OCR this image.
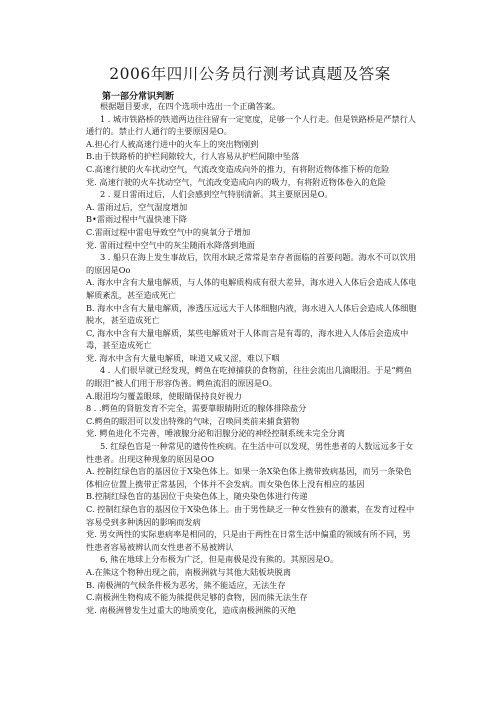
2006年四川公务员行测考试真题及答案
第一部分常识判断

根据题目要求，在四个选项中选出一个正确答案。

1 . 城市铁路桥的铁道两边往往留有一定宽度，足够一个人行走。但是铁路桥是严禁行人通行的。禁止行人通行的主要原因是O。

A.担心行人被高速行进中的火车上的突出物刚到

B.由于铁路桥的护栏间隙较大，行人容易从护栏间隙中坠落

C.高速行驶的火车扰动空气，气流改变造成向外的推力，有将附近物体推下桥的危险

党. 高速行驶的火车扰动空气，气流改变造成向内的吸力，有将附近物体卷入的危险

2 . 夏日雷雨过后，人们会感到空气特别清新。其主要原因是O。

A. 雷雨过后，空气湿度增加

B•雷雨过程中气温快速下降

C.雷雨过程中雷电导致空气中的臭氧分子增加

党. 雷雨过程中空气中的灰尘随雨水降落到地面

3 . 船只在海上发生事故后，饮用水缺乏常常是幸存者面临的首要问题。海水不可以饮用的原因是Oo

A. 海水中含有大量电解质，与人体的电解质构成有很大差异，海水进入人体后会造成人体电解质紊乱，甚至造成死亡

B. 海水中含有大量电解质，渗透压远远大于人体细胞内液，海水进入人体后会造成人体细胞脱水，甚至造成死亡

C, 海水中含有大量电解质，某些电解质对于人体而言是有毒的，海水进入人体后会造成中毒，甚至造成死亡

党. 海水中含有大量电解质，味道又咸又涩，难以下咽

4 . 人们很早就已经发现，鳄鱼在吃掉捕获的食物前，往往会流出几滴眼泪。于是“鳄鱼的眼泪”被人们用于形容伪善。鳄鱼流泪的原因是O。

A.眼泪均匀覆盖眼球，使眼睛保持良好视力

8 . .鳄鱼的肾脏发育不完全，需要靠眼睛附近的腺体排除盐分

C.鳄鱼的眼泪可以发出特殊的气味，召唤同类前来捕食猎物

党. 鳄鱼进化不完善，唾液腺分泌和泪腺分泌的神经控制系统未完全分离

5. 红绿色盲是一种常见的遗传性疾病。在生活中可以发现，男性患者的人数远远多于女性患者。出现这种现象的原因是OO

A. 控制红绿色盲的基因位于X染色体上。如果一条X染色体上携带致病基因，而另一条染色体相应位置上携带正常基因，个体并不会发病。而女染色体上没有相应的基因

B.控制红绿色盲的基因位于央染色体上，随央染色体进行传递

C. 控制红绿色盲的基因位于X染色体上。由于男性缺乏一种女性独有的激素，在发育过程中容易受到多种诱因的影响而发病

党. 男女两性的实际患病率是相同的，只是由于两性在日常生活中偏重的领域有所不同，男性患者容易被辨认而女性患者不易被辨认

6, 熊在地球上分布极为广泛，但是南极是没有熊的。其原因是O。

A.在熊这个物种出现之前，南极洲就与其他大陆板块脱离

B. 南极洲的气候条件极为恶劣，熊不能适应，无法生存

C.南极洲生物构成不能为熊提供足够的食物，因而熊无法生存

党. 南极洲曾发生过重大的地质变化，造成南极洲熊的灭绝
